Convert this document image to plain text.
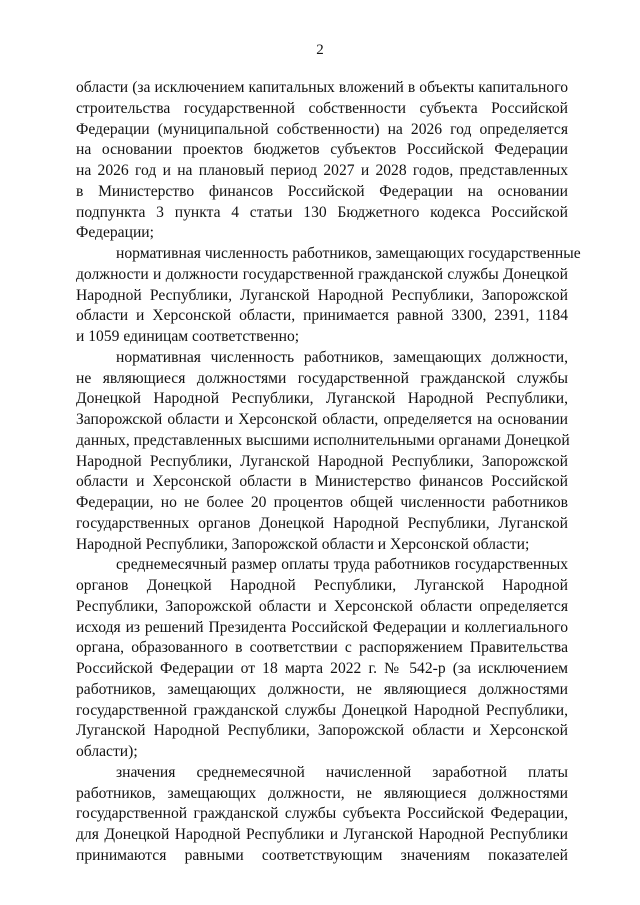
2

области (за исключением капитальных вложений в объекты капитального
строительства государственной собственности субъекта Российской
Федерации (муниципальной собственности) на 2026 год определяется
на основании проектов бюджетов субъектов Российской Федерации
на 2026 год и на плановый период 2027 и 2028 годов, представленных
в Министерство финансов Российской Федерации на основании
подпункта 3 пункта 4 статьи 130 Бюджетного кодекса Российской
Федерации;

нормативная численность работников, замещающих государственные
должности и должности государственной гражданской службы Донецкой
Народной Республики, Луганской Народной Республики, Запорожской
области и Херсонской области, принимается равной 3300, 2391, 1184
и 1059 единицам соответственно;

нормативная численность работников, замещающих должности,
не являющиеся должностями государственной гражданской службы
Донецкой Народной Республики, Луганской Народной Республики,
Запорожской области и Херсонской области, определяется на основании
данных, представленных высшими исполнительными органами Донецкой
Народной Республики, Луганской Народной Республики, Запорожской
области и Херсонской области в Министерство финансов Российской
Федерации, но не более 20 процентов общей численности работников
государственных органов Донецкой Народной Республики, Луганской
Народной Республики, Запорожской области и Херсонской области;

среднемесячный размер оплаты труда работников государственных
органов Донецкой Народной Республики, Луганской Народной
Республики, Запорожской области и Херсонской области определяется
исходя из решений Президента Российской Федерации и коллегиального
органа, образованного в соответствии с распоряжением Правительства
Российской Федерации от 18 марта 2022 г. № 542-р (за исключением
работников, замещающих должности, не являющиеся должностями
государственной гражданской службы Донецкой Народной Республики,
Луганской Народной Республики, Запорожской области и Херсонской
области);

значения среднемесячной начисленной заработной платы
работников, замещающих должности, не являющиеся должностями
государственной гражданской службы субъекта Российской Федерации,
для Донецкой Народной Республики и Луганской Народной Республики
принимаются равными соответствующим значениям показателей
